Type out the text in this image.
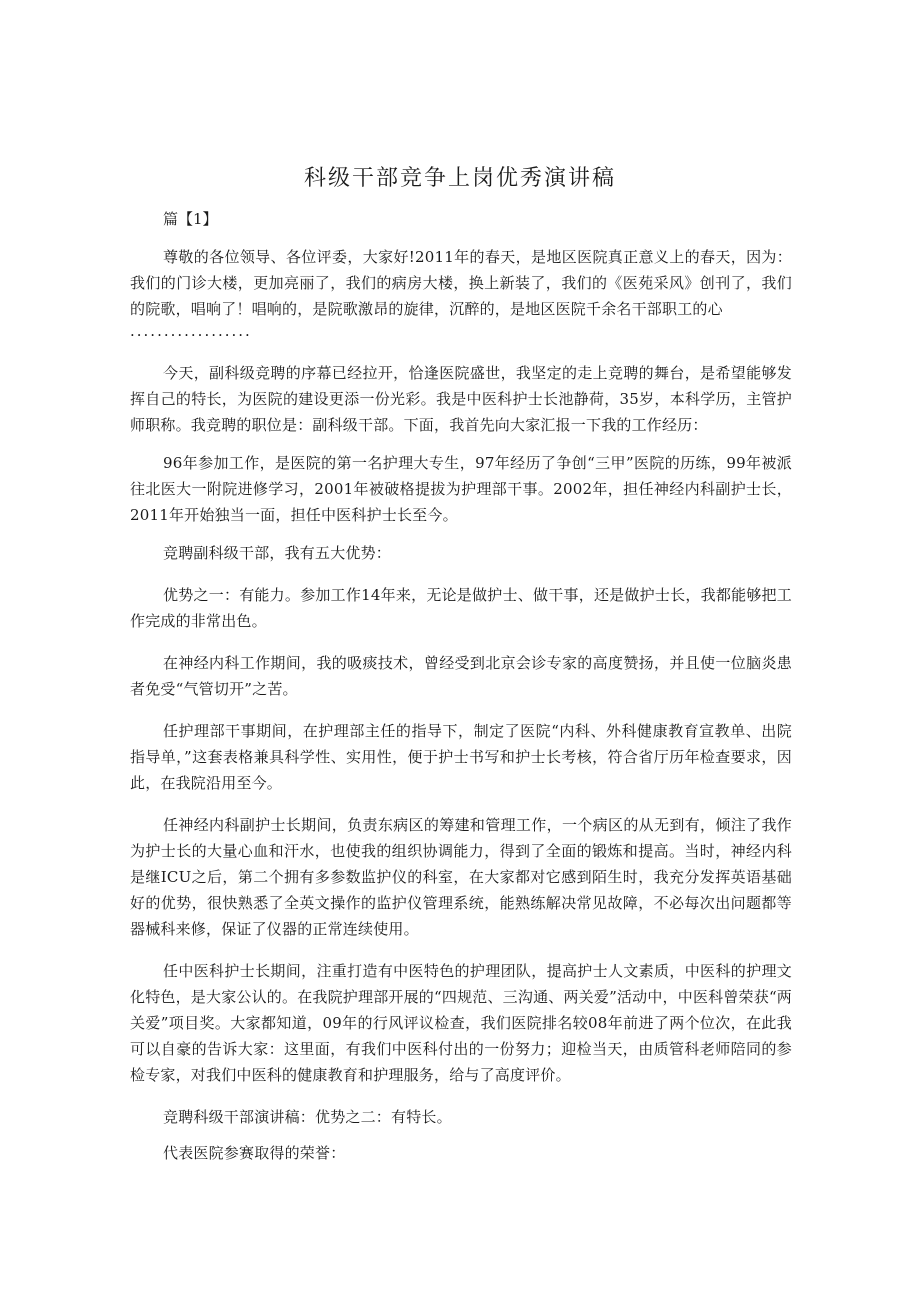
科级干部竞争上岗优秀演讲稿
篇【1】

尊敬的各位领导、各位评委，大家好!2011年的春天，是地区医院真正意义上的春天，因为：我们的门诊大楼，更加亮丽了，我们的病房大楼，换上新装了，我们的《医苑采风》创刊了，我们的院歌，唱响了！唱响的，是院歌激昂的旋律，沉醉的，是地区医院千余名干部职工的心
··················

今天，副科级竞聘的序幕已经拉开，恰逢医院盛世，我坚定的走上竞聘的舞台，是希望能够发挥自己的特长，为医院的建设更添一份光彩。我是中医科护士长池静荷，35岁，本科学历，主管护师职称。我竞聘的职位是：副科级干部。下面，我首先向大家汇报一下我的工作经历：

96年参加工作，是医院的第一名护理大专生，97年经历了争创“三甲”医院的历练，99年被派往北医大一附院进修学习，2001年被破格提拔为护理部干事。2002年，担任神经内科副护士长，2011年开始独当一面，担任中医科护士长至今。

竞聘副科级干部，我有五大优势：

优势之一：有能力。参加工作14年来，无论是做护士、做干事，还是做护士长，我都能够把工作完成的非常出色。

在神经内科工作期间，我的吸痰技术，曾经受到北京会诊专家的高度赞扬，并且使一位脑炎患者免受“气管切开”之苦。

任护理部干事期间，在护理部主任的指导下，制定了医院“内科、外科健康教育宣教单、出院指导单，”这套表格兼具科学性、实用性，便于护士书写和护士长考核，符合省厅历年检查要求，因此，在我院沿用至今。

任神经内科副护士长期间，负责东病区的筹建和管理工作，一个病区的从无到有，倾注了我作为护士长的大量心血和汗水，也使我的组织协调能力，得到了全面的锻炼和提高。当时，神经内科是继ICU之后，第二个拥有多参数监护仪的科室，在大家都对它感到陌生时，我充分发挥英语基础好的优势，很快熟悉了全英文操作的监护仪管理系统，能熟练解决常见故障，不必每次出问题都等器械科来修，保证了仪器的正常连续使用。

任中医科护士长期间，注重打造有中医特色的护理团队，提高护士人文素质，中医科的护理文化特色，是大家公认的。在我院护理部开展的“四规范、三沟通、两关爱”活动中，中医科曾荣获“两关爱”项目奖。大家都知道，09年的行风评议检查，我们医院排名较08年前进了两个位次，在此我可以自豪的告诉大家：这里面，有我们中医科付出的一份努力；迎检当天，由质管科老师陪同的参检专家，对我们中医科的健康教育和护理服务，给与了高度评价。

竞聘科级干部演讲稿：优势之二：有特长。

代表医院参赛取得的荣誉：
